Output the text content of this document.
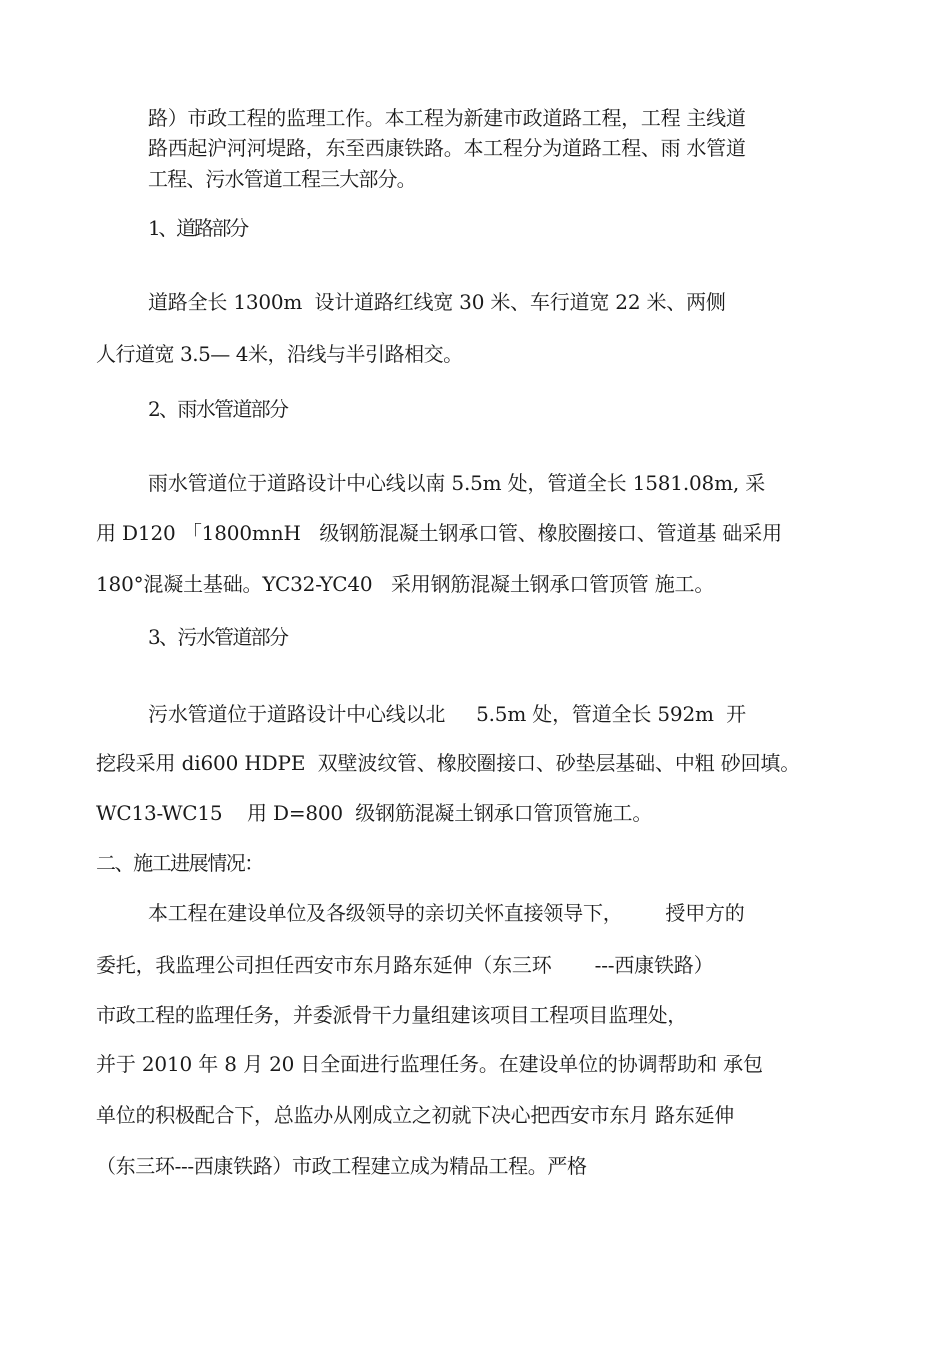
路）市政工程的监理工作。本工程为新建市政道路工程，工程 主线道
路西起沪河河堤路，东至西康铁路。本工程分为道路工程、雨 水管道
工程、污水管道工程三大部分。
1、道路部分
道路全长 1300m  设计道路红线宽 30 米、车行道宽 22 米、两侧
人行道宽 3.5— 4米，沿线与半引路相交。
2、雨水管道部分
雨水管道位于道路设计中心线以南 5.5m 处，管道全长 1581.08m, 采
用 D120 「1800mnH   级钢筋混凝土钢承口管、橡胶圈接口、管道基 础采用
180°混凝土基础。YC32-YC40   采用钢筋混凝土钢承口管顶管 施工。
3、污水管道部分
污水管道位于道路设计中心线以北     5.5m 处，管道全长 592m  开
挖段采用 di600 HDPE  双壁波纹管、橡胶圈接口、砂垫层基础、中粗 砂回填。
WC13-WC15    用 D=800  级钢筋混凝土钢承口管顶管施工。
二、施工进展情况：
本工程在建设单位及各级领导的亲切关怀直接领导下，       授甲方的
委托，我监理公司担任西安市东月路东延伸（东三环       ---西康铁路）
市政工程的监理任务，并委派骨干力量组建该项目工程项目监理处，
并于 2010 年 8 月 20 日全面进行监理任务。在建设单位的协调帮助和 承包
单位的积极配合下，总监办从刚成立之初就下决心把西安市东月 路东延伸
（东三环---西康铁路）市政工程建立成为精品工程。严格
